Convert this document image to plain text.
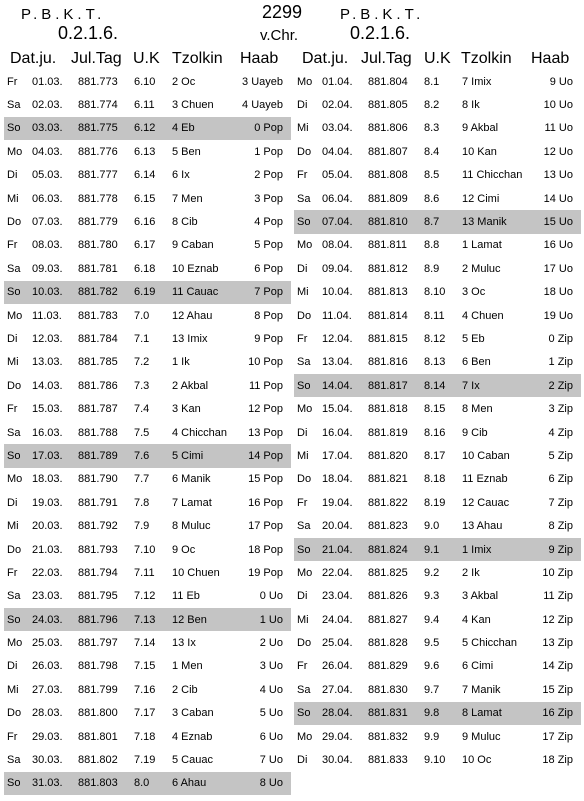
P.B.K.T.
0.2.1.6.
2299
v.Chr.
P.B.K.T.
0.2.1.6.
Dat.ju. Jul.Tag U.K Tzolkin Haab Dat.ju. Jul.Tag U.K Tzolkin Haab
Fr 01.03. 881.773 6.10 2 Oc	3 Uayeb
Sa 02.03. 881.774 6.11 3 Chuen	4 Uayeb
So 03.03. 881.775 6.12 4 Eb	0 Pop
Mo 04.03. 881.776 6.13 5 Ben	1 Pop
Di 05.03. 881.777 6.14 6 Ix	2 Pop
Mi 06.03. 881.778 6.15 7 Men	3 Pop
Do 07.03. 881.779 6.16 8 Cib	4 Pop
Fr 08.03. 881.780 6.17 9 Caban	5 Pop
Sa 09.03. 881.781 6.18 10 Eznab	6 Pop
So 10.03. 881.782 6.19 11 Cauac	7 Pop
Mo 11.03. 881.783 7.0 12 Ahau	8 Pop
Di 12.03. 881.784 7.1 13 Imix	9 Pop
Mi 13.03. 881.785 7.2 1 Ik	10 Pop
Do 14.03. 881.786 7.3 2 Akbal	11 Pop
Fr 15.03. 881.787 7.4 3 Kan	12 Pop
Sa 16.03. 881.788 7.5 4 Chicchan 13 Pop
So 17.03. 881.789 7.6 5 Cimi	14 Pop
Mo 18.03. 881.790 7.7 6 Manik	15 Pop
Di 19.03. 881.791 7.8 7 Lamat	16 Pop
Mi 20.03. 881.792 7.9 8 Muluc	17 Pop
Do 21.03. 881.793 7.10 9 Oc	18 Pop
Fr 22.03. 881.794 7.11 10 Chuen	19 Pop
Sa 23.03. 881.795 7.12 11 Eb	0 Uo
So 24.03. 881.796 7.13 12 Ben	1 Uo
Mo 25.03. 881.797 7.14 13 Ix	2 Uo
Di 26.03. 881.798 7.15 1 Men	3 Uo
Mi 27.03. 881.799 7.16 2 Cib	4 Uo
Do 28.03. 881.800 7.17 3 Caban	5 Uo
Fr 29.03. 881.801 7.18 4 Eznab	6 Uo
Sa 30.03. 881.802 7.19 5 Cauac	7 Uo
So 31.03. 881.803 8.0 6 Ahau	8 Uo
Mo 01.04. 881.804 8.1 7 Imix	9 Uo
Di 02.04. 881.805 8.2 8 Ik	10 Uo
Mi 03.04. 881.806 8.3 9 Akbal	11 Uo
Do 04.04. 881.807 8.4 10 Kan	12 Uo
Fr 05.04. 881.808 8.5 11 Chicchan 13 Uo
Sa 06.04. 881.809 8.6 12 Cimi	14 Uo
So 07.04. 881.810 8.7 13 Manik	15 Uo
Mo 08.04. 881.811 8.8 1 Lamat	16 Uo
Di 09.04. 881.812 8.9 2 Muluc	17 Uo
Mi 10.04. 881.813 8.10 3 Oc	18 Uo
Do 11.04. 881.814 8.11 4 Chuen	19 Uo
Fr 12.04. 881.815 8.12 5 Eb	0 Zip
Sa 13.04. 881.816 8.13 6 Ben	1 Zip
So 14.04. 881.817 8.14 7 Ix	2 Zip
Mo 15.04. 881.818 8.15 8 Men	3 Zip
Di 16.04. 881.819 8.16 9 Cib	4 Zip
Mi 17.04. 881.820 8.17 10 Caban	5 Zip
Do 18.04. 881.821 8.18 11 Eznab	6 Zip
Fr 19.04. 881.822 8.19 12 Cauac	7 Zip
Sa 20.04. 881.823 9.0 13 Ahau	8 Zip
So 21.04. 881.824 9.1 1 Imix	9 Zip
Mo 22.04. 881.825 9.2 2 Ik	10 Zip
Di 23.04. 881.826 9.3 3 Akbal	11 Zip
Mi 24.04. 881.827 9.4 4 Kan	12 Zip
Do 25.04. 881.828 9.5 5 Chicchan 13 Zip
Fr 26.04. 881.829 9.6 6 Cimi	14 Zip
Sa 27.04. 881.830 9.7 7 Manik	15 Zip
So 28.04. 881.831 9.8 8 Lamat	16 Zip
Mo 29.04. 881.832 9.9 9 Muluc	17 Zip
Di 30.04. 881.833 9.10 10 Oc	18 Zip
